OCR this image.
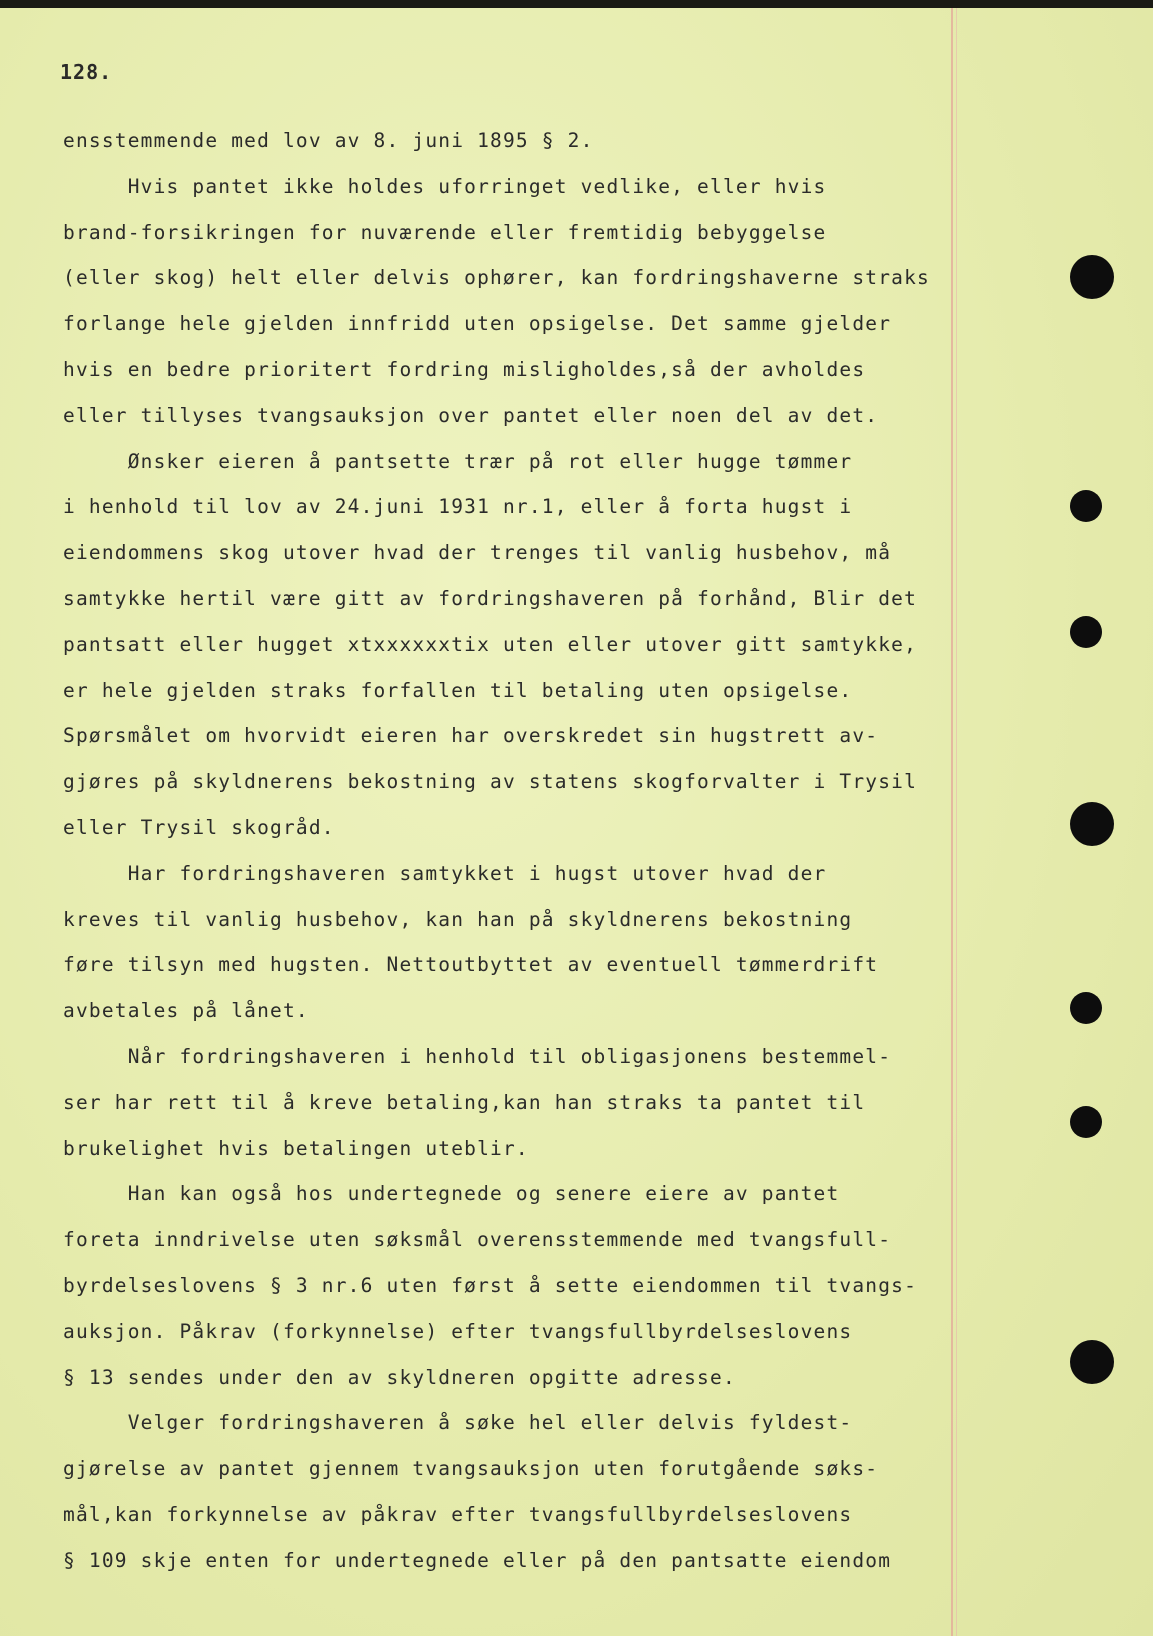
128.
ensstemmende med lov av 8. juni 1895 § 2.
Hvis pantet ikke holdes uforringet vedlike, eller hvis
brand-forsikringen for nuværende eller fremtidig bebyggelse
(eller skog) helt eller delvis ophører, kan fordringshaverne straks
forlange hele gjelden innfridd uten opsigelse. Det samme gjelder
hvis en bedre prioritert fordring misligholdes,så der avholdes
eller tillyses tvangsauksjon over pantet eller noen del av det.
Ønsker eieren å pantsette trær på rot eller hugge tømmer
i henhold til lov av 24.juni 1931 nr.1, eller å forta hugst i
eiendommens skog utover hvad der trenges til vanlig husbehov, må
samtykke hertil være gitt av fordringshaveren på forhånd, Blir det
pantsatt eller hugget xtxxxxxxtix uten eller utover gitt samtykke,
er hele gjelden straks forfallen til betaling uten opsigelse.
Spørsmålet om hvorvidt eieren har overskredet sin hugstrett av-
gjøres på skyldnerens bekostning av statens skogforvalter i Trysil
eller Trysil skogråd.
Har fordringshaveren samtykket i hugst utover hvad der
kreves til vanlig husbehov, kan han på skyldnerens bekostning
føre tilsyn med hugsten. Nettoutbyttet av eventuell tømmerdrift
avbetales på lånet.
Når fordringshaveren i henhold til obligasjonens bestemmel-
ser har rett til å kreve betaling,kan han straks ta pantet til
brukelighet hvis betalingen uteblir.
Han kan også hos undertegnede og senere eiere av pantet
foreta inndrivelse uten søksmål overensstemmende med tvangsfull-
byrdelseslovens § 3 nr.6 uten først å sette eiendommen til tvangs-
auksjon. Påkrav (forkynnelse) efter tvangsfullbyrdelseslovens
§ 13 sendes under den av skyldneren opgitte adresse.
Velger fordringshaveren å søke hel eller delvis fyldest-
gjørelse av pantet gjennem tvangsauksjon uten forutgående søks-
mål,kan forkynnelse av påkrav efter tvangsfullbyrdelseslovens
§ 109 skje enten for undertegnede eller på den pantsatte eiendom
